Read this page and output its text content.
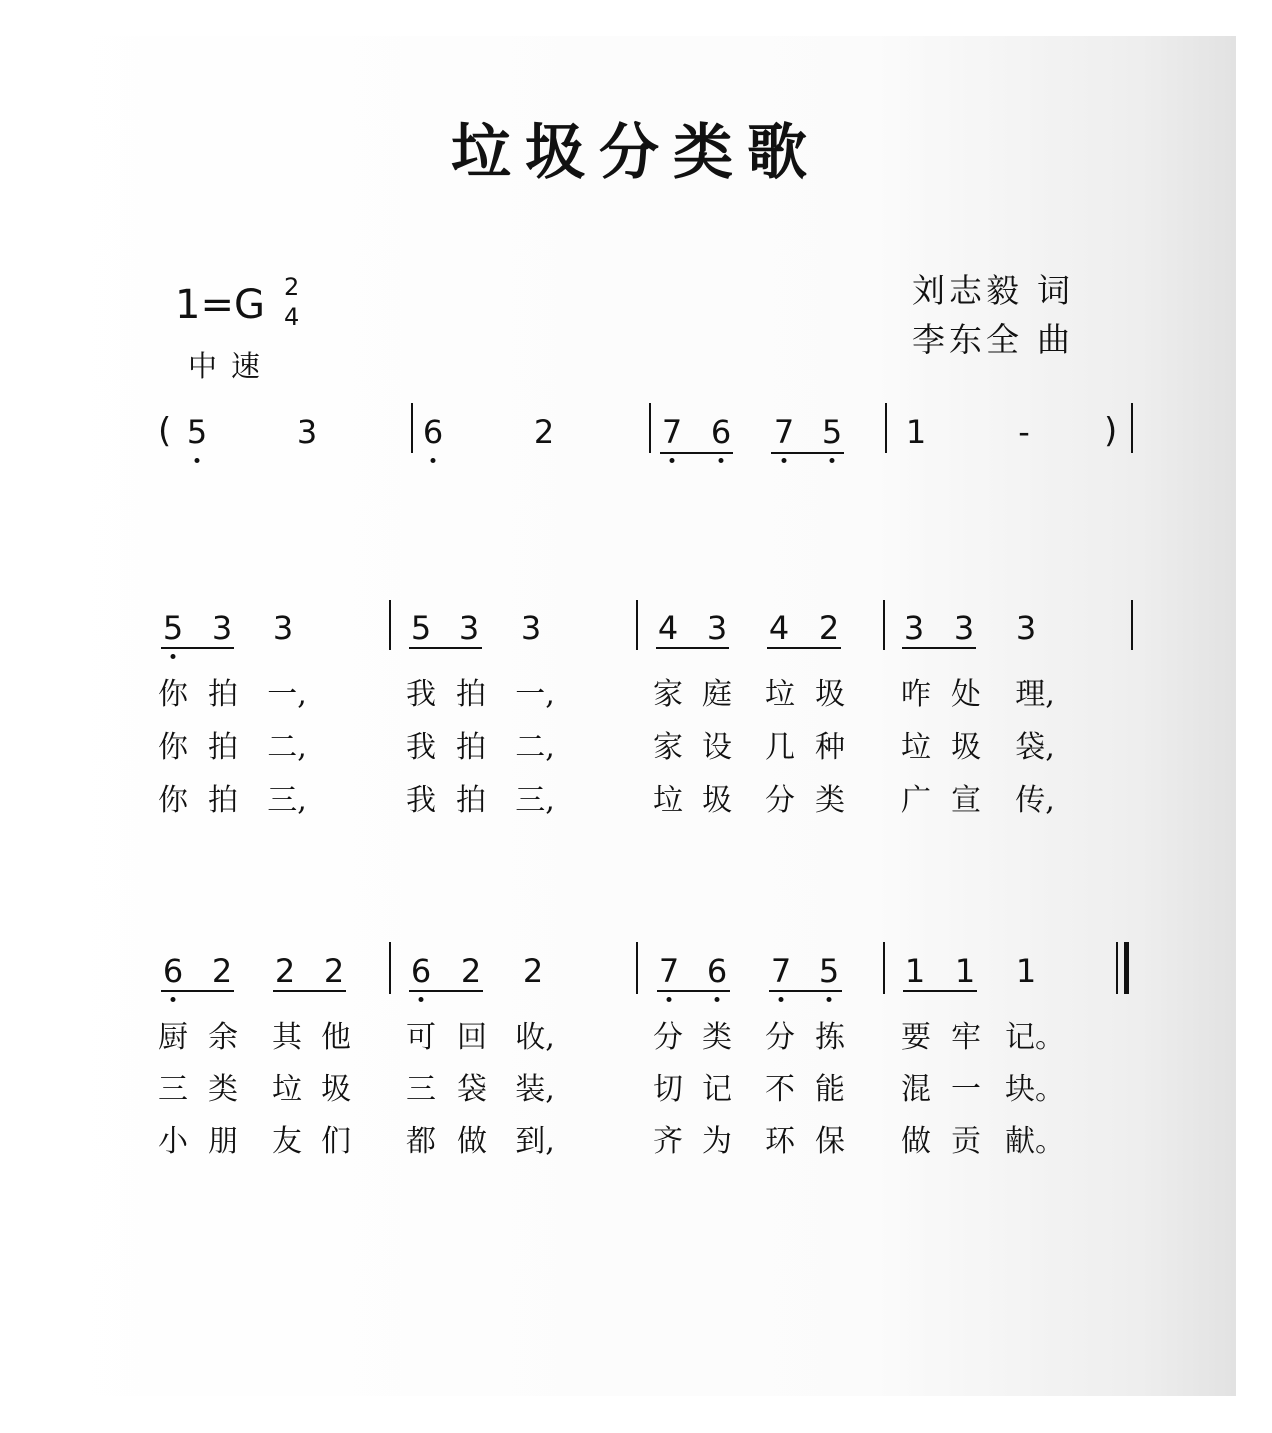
垃圾分类歌
1=G 2
4
中速
刘志毅 词
李东全 曲
(	)
5	3	6	2	7 6 7 5 1	-
5 3 3	5 3 3	4 3 4 2 3 3 3
6 2 2 2 6 2 2	7 6 7 5 1 1 1
你 拍 一,	我 拍 一,	家 庭 垃 圾 咋 处 理,
你 拍 二,	我 拍 二,	家 设 几 种 垃 圾 袋,
你 拍 三,	我 拍 三,	垃 圾 分 类 广 宣 传,
厨 余 其 他 可 回 收,	分 类 分 拣 要 牢 记。
三 类 垃 圾 三 袋 装,	切 记 不 能 混 一 块。
小 朋 友 们 都 做 到,	齐 为 环 保 做 贡 献。
